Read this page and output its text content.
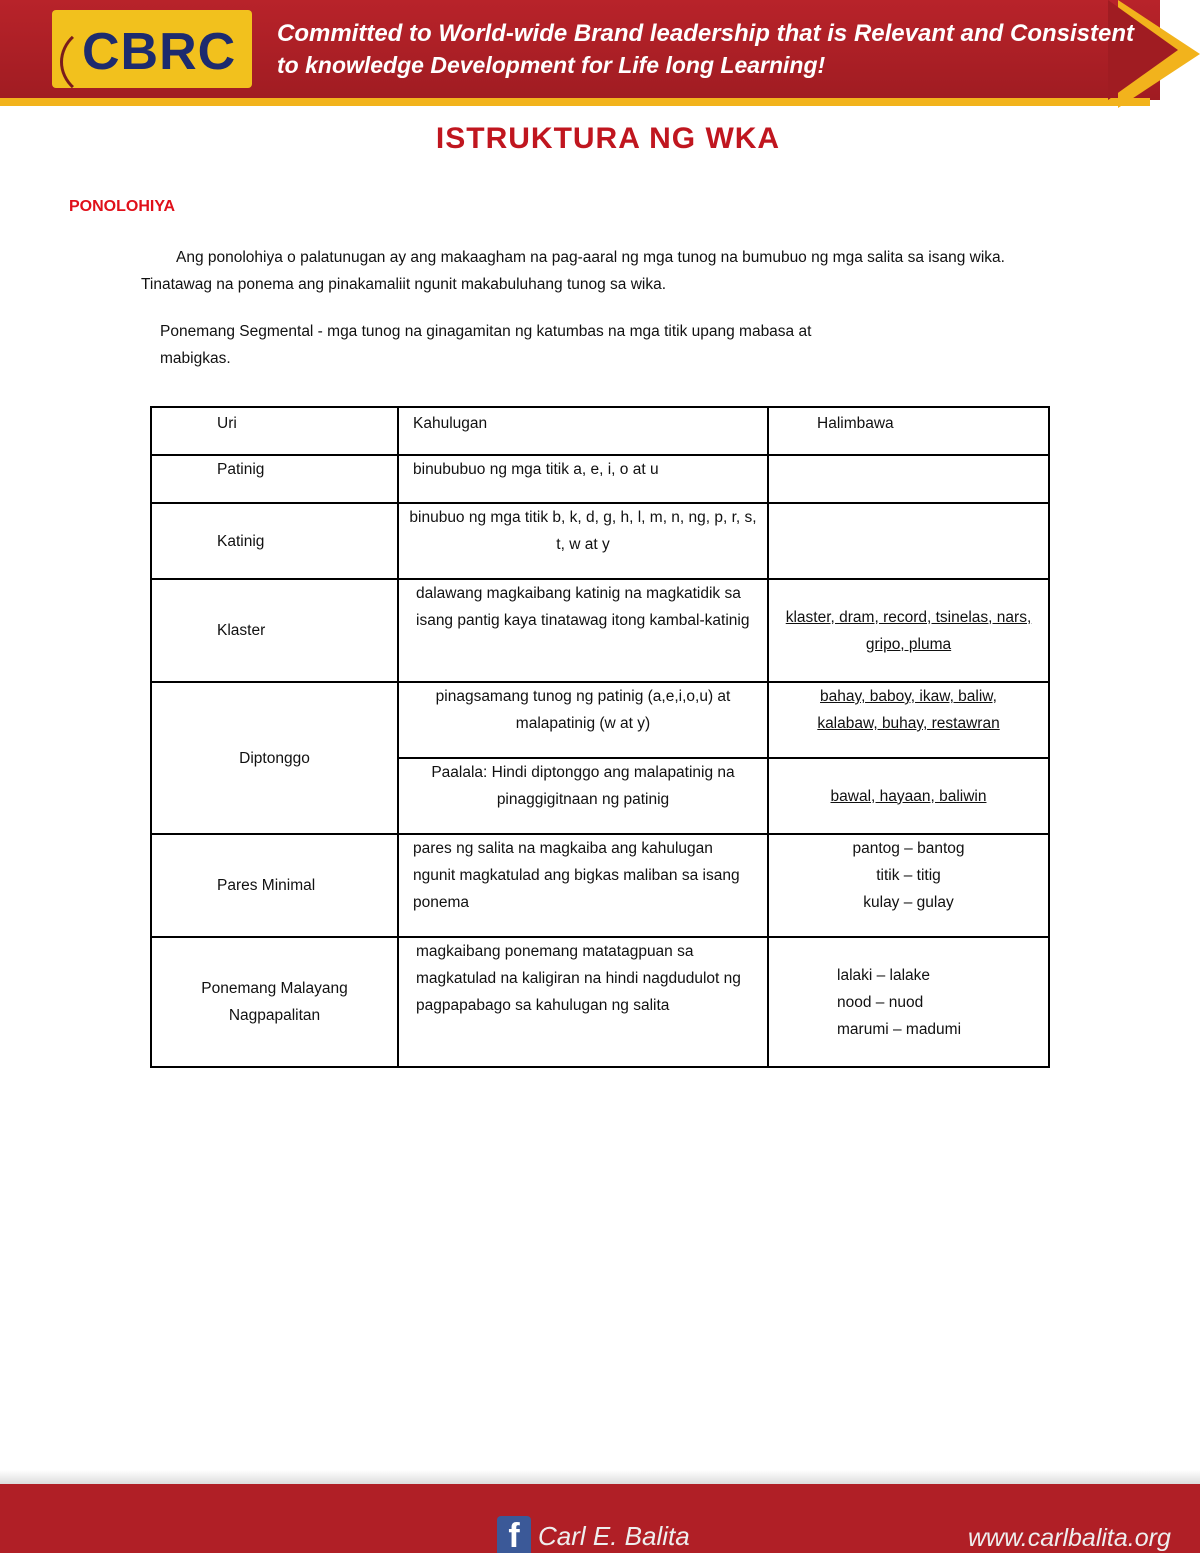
CBRC Committed to World-wide Brand leadership that is Relevant and Consistent
to knowledge Development for Life long Learning!
ISTRUKTURA NG WKA
PONOLOHIYA
Ang ponolohiya o palatunugan ay ang makaagham na pag-aaral ng mga tunog na bumubuo ng mga salita sa isang wika. Tinatawag na ponema ang pinakamaliit ngunit makabuluhang tunog sa wika.
Ponemang Segmental - mga tunog na ginagamitan ng katumbas na mga titik upang mabasa at mabigkas.
Uri	Kahulugan	Halimbawa

Patinig	binububuo ng mga titik a, e, i, o at u	

Katinig	binubuo ng mga titik b, k, d, g, h, l, m, n, ng, p, r, s, t, w at y	

Klaster	dalawang magkaibang katinig na magkatidik sa isang pantig kaya tinatawag itong kambal-katinig	klaster, dram, record, tsinelas, nars, gripo, pluma

Diptonggo	pinagsamang tunog ng patinig (a,e,i,o,u) at malapatinig (w at y)	bahay, baboy, ikaw, baliw, kalabaw, buhay, restawran

	Paalala: Hindi diptonggo ang malapatinig na pinaggigitnaan ng patinig	bawal, hayaan, baliwin

Pares Minimal	pares ng salita na magkaiba ang kahulugan ngunit magkatulad ang bigkas maliban sa isang ponema	pantog – bantog
titik – titig
kulay – gulay

Ponemang Malayang Nagpapalitan	magkaibang ponemang matatagpuan sa magkatulad na kaligiran na hindi nagdudulot ng pagpapabago sa kahulugan ng salita	lalaki – lalake
nood – nuod
marumi – madumi
f Carl E. Balita	www.carlbalita.org
